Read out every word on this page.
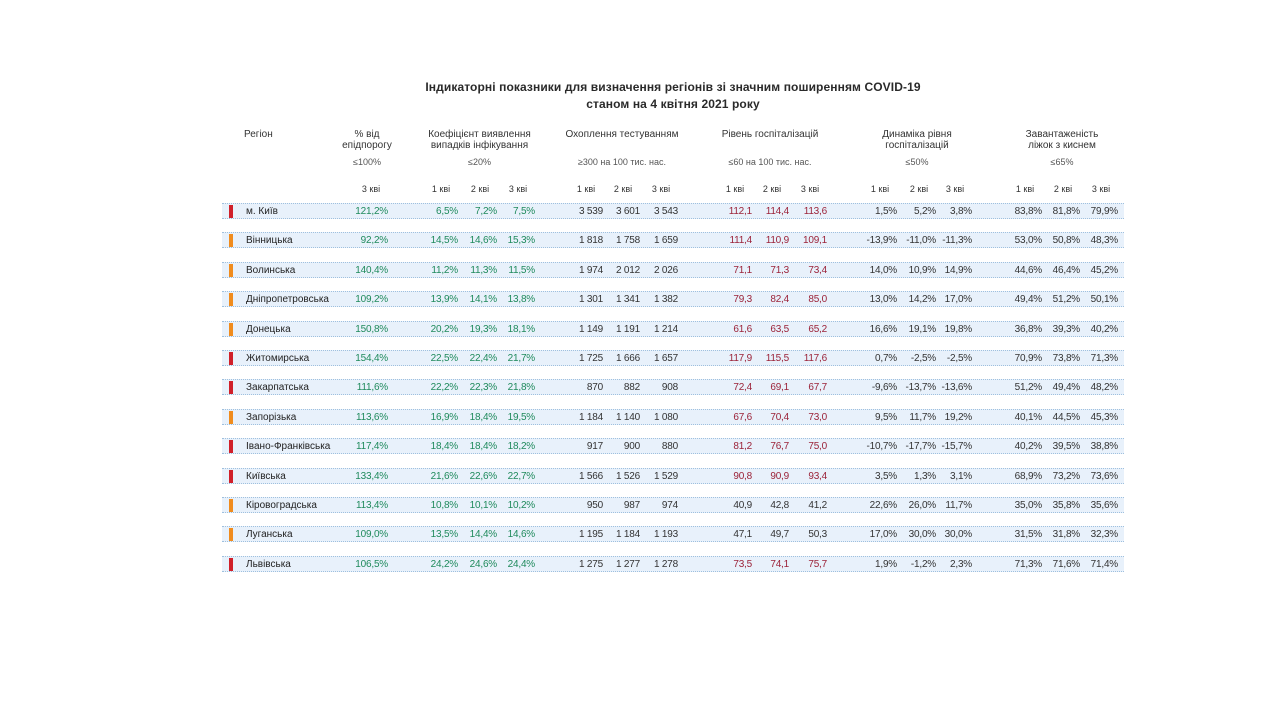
Індикаторні показники для визначення регіонів зі значним поширенням COVID-19
станом на 4 квітня 2021 року
Регіон	% від
епідпорогу
≤100%
Коефіцієнт виявлення
випадків інфікування
≤20%
Охоплення тестуванням
≥300 на 100 тис. нас.
Рівень госпіталізацій
≤60 на 100 тис. нас.
Динаміка рівня
госпіталізацій
≤50%
Завантаженість
ліжок з киснем
≤65%
3 кві	1 кві	2 кві	3 кві	1 кві	2 кві	3 кві	1 кві	2 кві	3 кві	1 кві	2 кві	3 кві	1 кві	2 кві	3 кві
м. Київ	121,2%	6,5%	7,2%	7,5%	3 539	3 601	3 543	112,1	114,4	113,6	1,5%	5,2%	3,8%	83,8%	81,8%	79,9%
Вінницька	92,2%	14,5%	14,6%	15,3%	1 818	1 758	1 659	111,4	110,9	109,1	-13,9% -11,0% -11,3%	53,0%	50,8%	48,3%
Волинська	140,4%	11,2%	11,3%	11,5%	1 974	2 012	2 026	71,1	71,3	73,4	14,0%	10,9% 14,9%	44,6%	46,4%	45,2%
Дніпропетровська	109,2%	13,9%	14,1%	13,8%	1 301	1 341	1 382	79,3	82,4	85,0	13,0%	14,2% 17,0%	49,4%	51,2%	50,1%
Донецька	150,8%	20,2%	19,3%	18,1%	1 149	1 191	1 214	61,6	63,5	65,2	16,6%	19,1% 19,8%	36,8%	39,3%	40,2%
Житомирська	154,4%	22,5%	22,4%	21,7%	1 725	1 666	1 657	117,9	115,5	117,6	0,7%	-2,5%	-2,5%	70,9%	73,8%	71,3%
Закарпатська	111,6%	22,2%	22,3%	21,8%	870	882	908	72,4	69,1	67,7	-9,6% -13,7% -13,6%	51,2%	49,4%	48,2%
Запорізька	113,6%	16,9%	18,4%	19,5%	1 184	1 140	1 080	67,6	70,4	73,0	9,5%	11,7% 19,2%	40,1%	44,5%	45,3%
Івано-Франківська	117,4%	18,4%	18,4%	18,2%	917	900	880	81,2	76,7	75,0	-10,7% -17,7% -15,7%	40,2%	39,5%	38,8%
Київська	133,4%	21,6%	22,6%	22,7%	1 566	1 526	1 529	90,8	90,9	93,4	3,5%	1,3%	3,1%	68,9%	73,2%	73,6%
Кіровоградська	113,4%	10,8%	10,1%	10,2%	950	987	974	40,9	42,8	41,2	22,6%	26,0% 11,7%	35,0%	35,8%	35,6%
Луганська	109,0%	13,5%	14,4%	14,6%	1 195	1 184	1 193	47,1	49,7	50,3	17,0%	30,0% 30,0%	31,5%	31,8%	32,3%
Львівська	106,5%	24,2%	24,6%	24,4%	1 275	1 277	1 278	73,5	74,1	75,7	1,9%	-1,2%	2,3%	71,3%	71,6%	71,4%
